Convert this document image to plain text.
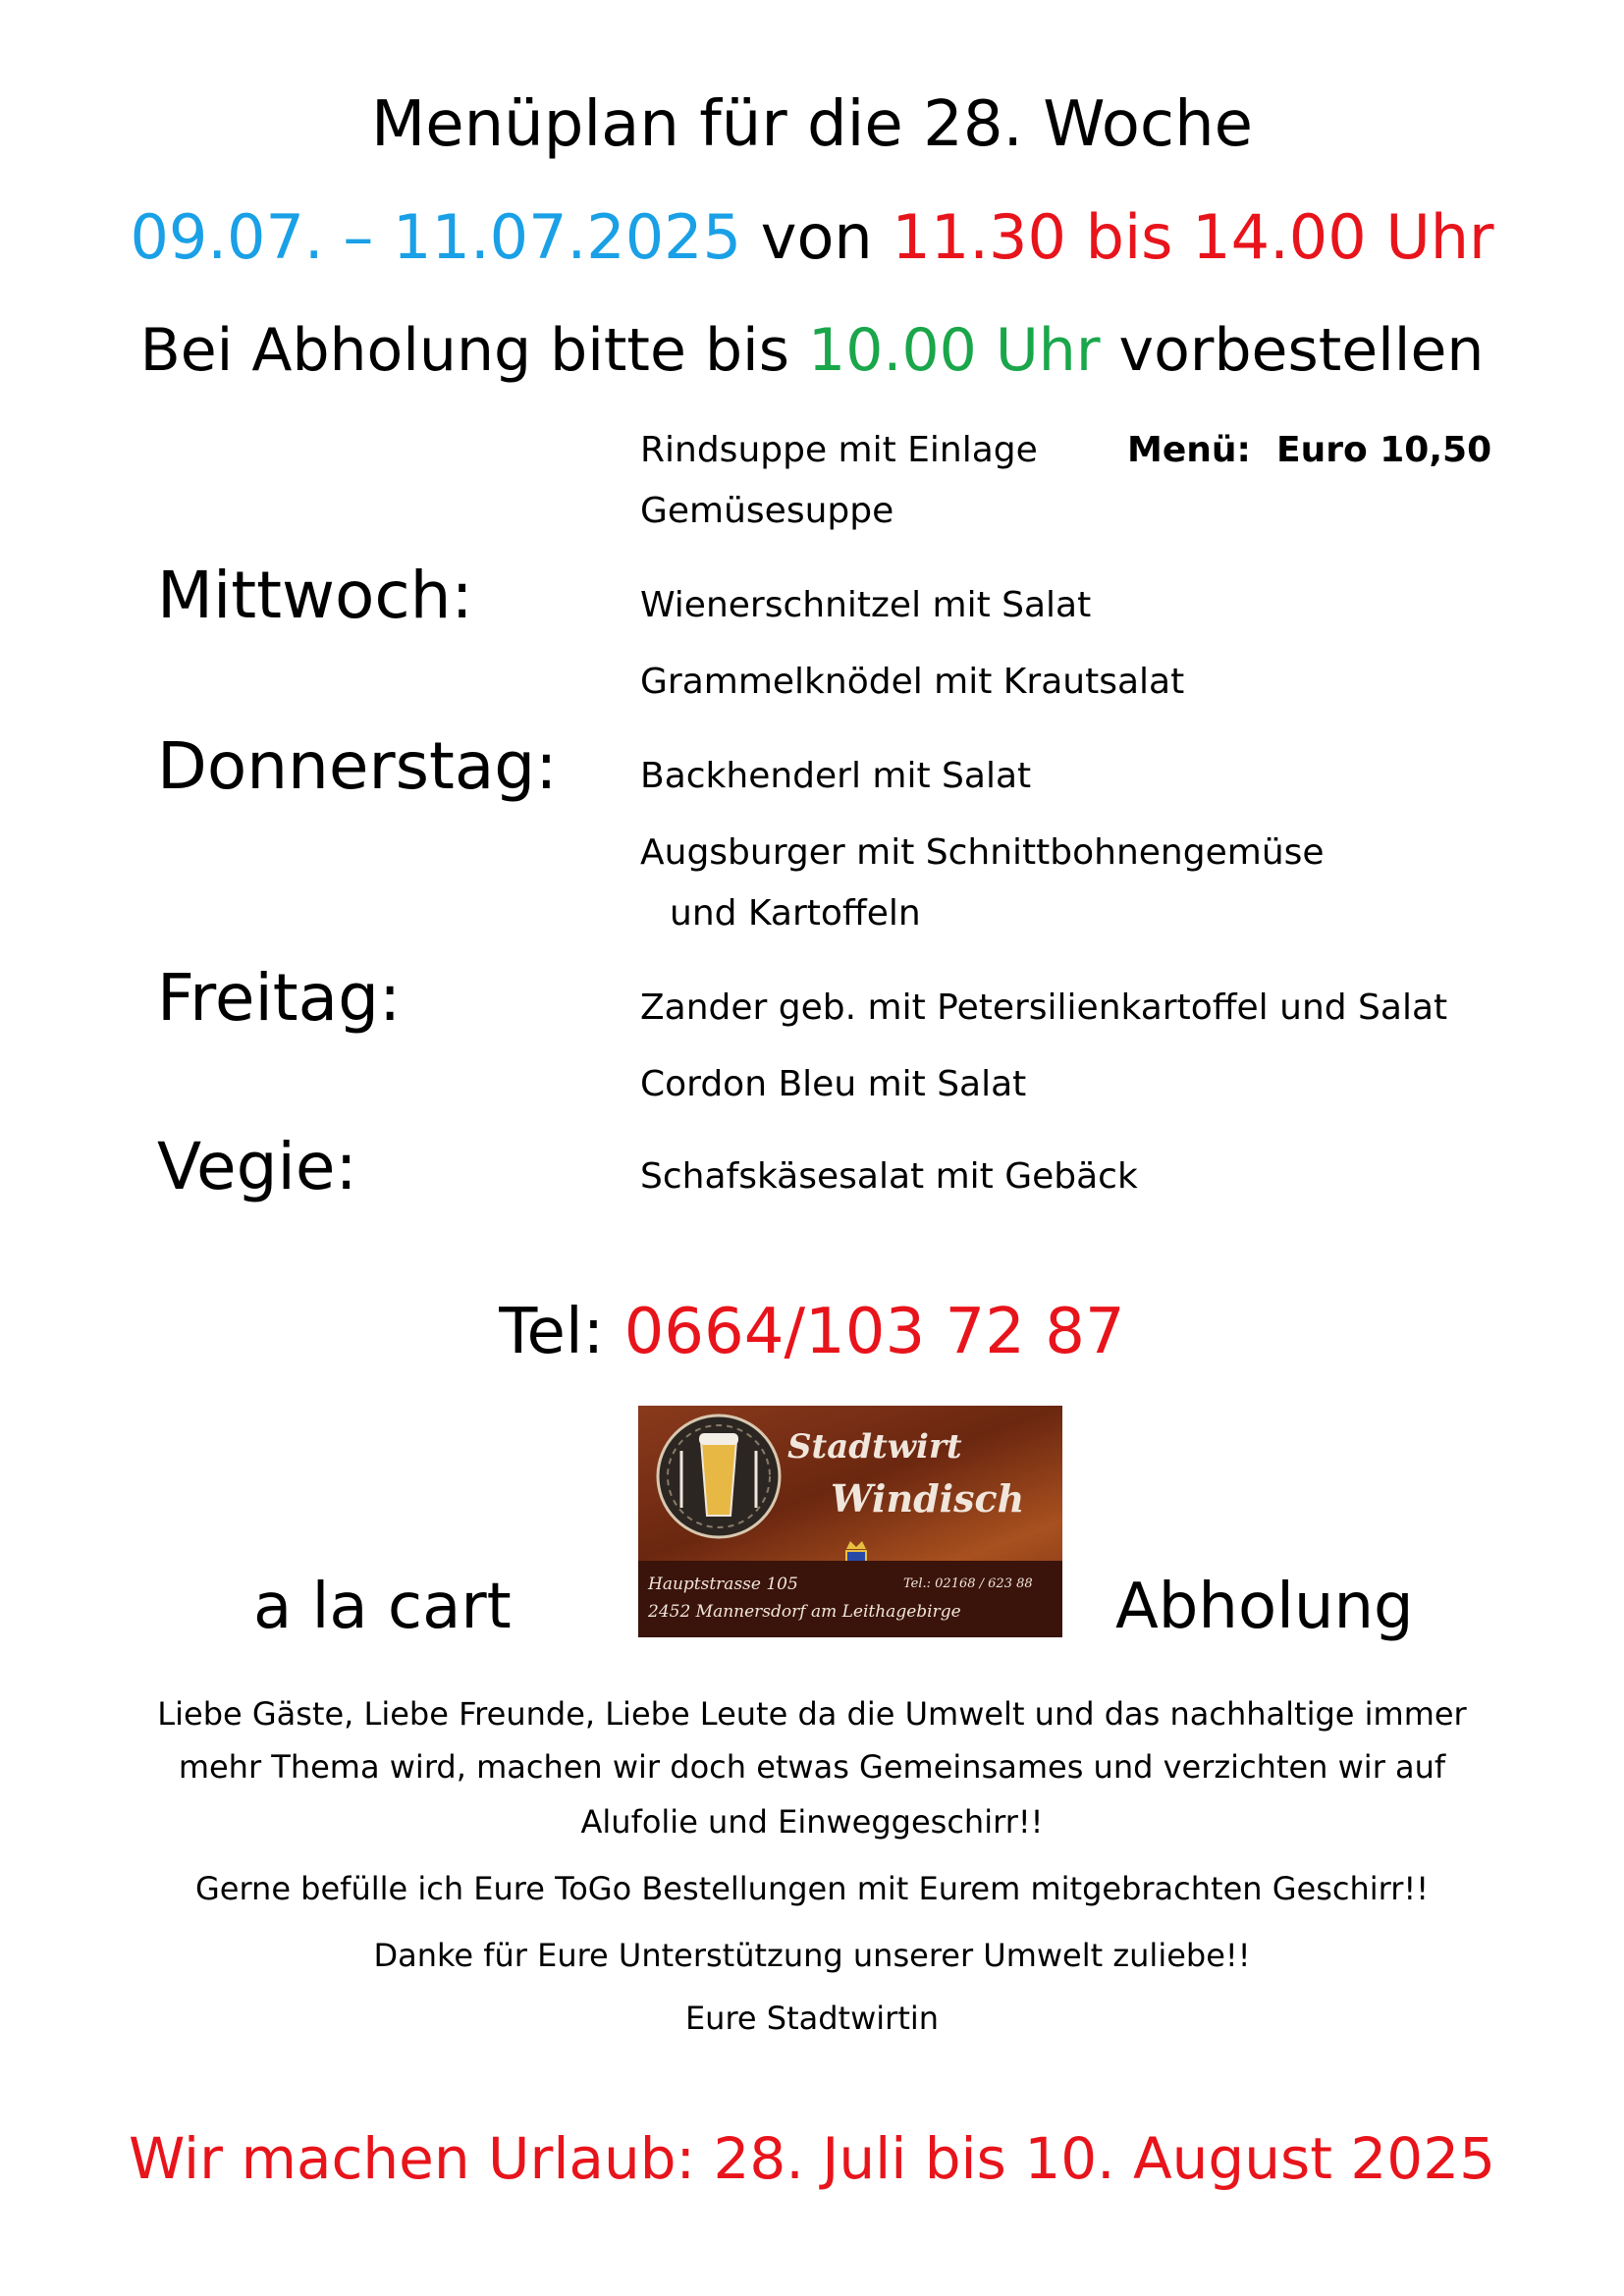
Menüplan für die 28. Woche
09.07. – 11.07.2025 von 11.30 bis 14.00 Uhr
Bei Abholung bitte bis 10.00 Uhr vorbestellen
Rindsuppe mit Einlage
Gemüsesuppe
Menü: Euro 10,50
Mittwoch:	Wienerschnitzel mit Salat
Grammelknödel mit Krautsalat
Donnerstag: Backhenderl mit Salat
Augsburger mit Schnittbohnengemüse
und Kartoffeln
Freitag:	Zander geb. mit Petersilienkartoffel und Salat
Cordon Bleu mit Salat
Vegie:	Schafskäsesalat mit Gebäck
Tel: 0664/103 72 87
Stadtwirt
Windisch
Hauptstrasse 105	Tel.: 02168 / 623 88
2452 Mannersdorf am Leithagebirge
a la cart	Abholung
Liebe Gäste, Liebe Freunde, Liebe Leute da die Umwelt und das nachhaltige immer
mehr Thema wird, machen wir doch etwas Gemeinsames und verzichten wir auf
Alufolie und Einweggeschirr!!
Gerne befülle ich Eure ToGo Bestellungen mit Eurem mitgebrachten Geschirr!!
Danke für Eure Unterstützung unserer Umwelt zuliebe!!
Eure Stadtwirtin
Wir machen Urlaub: 28. Juli bis 10. August 2025
